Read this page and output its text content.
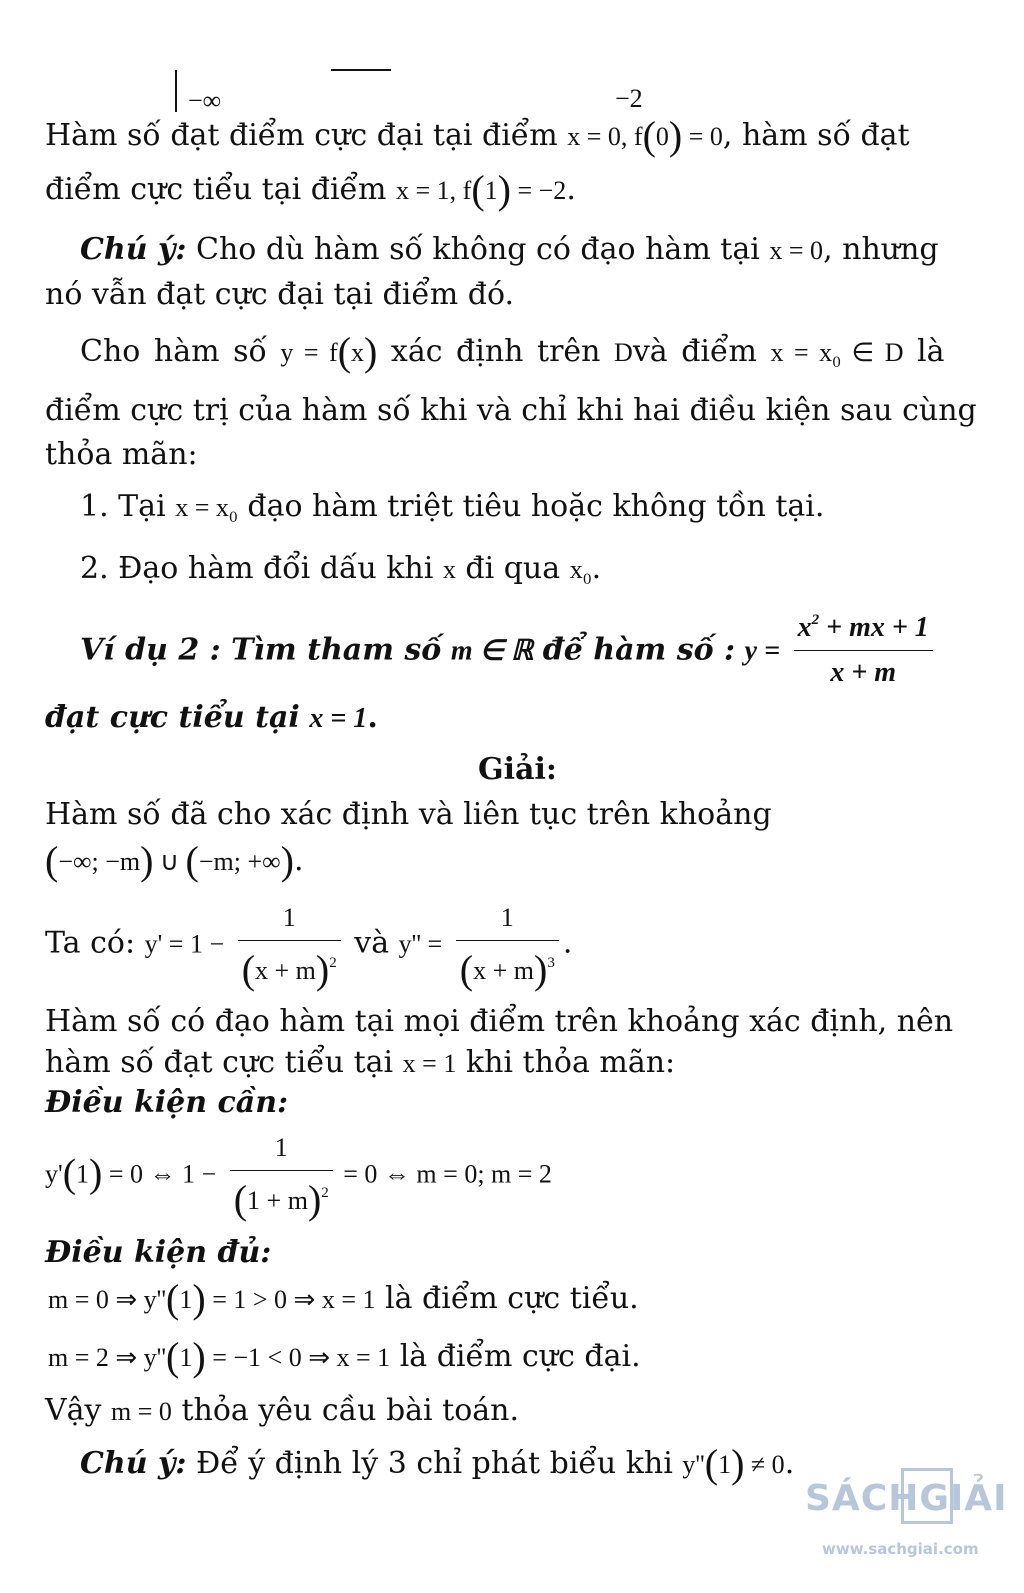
−∞	−2
Hàm số đạt điểm cực đại tại điểm x = 0, f(0) = 0, hàm số đạt
điểm cực tiểu tại điểm x = 1, f(1) = −2.
Chú ý: Cho dù hàm số không có đạo hàm tại x = 0, nhưng
nó vẫn đạt cực đại tại điểm đó.
Cho hàm số y = f(x) xác định trên Dvà điểm $x = x_0$ ∈ D là
điểm cực trị của hàm số khi và chỉ khi hai điều kiện sau cùng
thỏa mãn:
1. Tại $x = x_0$ đạo hàm triệt tiêu hoặc không tồn tại.
2. Đạo hàm đổi dấu khi x đi qua $x_0$.
Ví dụ 2 : Tìm tham số m ∈ ℝ để hàm số : $y = \frac{x^2 + mx + 1}{x + m}$
đạt cực tiểu tại x = 1.
Giải:
Hàm số đã cho xác định và liên tục trên khoảng
(−∞; −m) ∪ (−m; +∞).
Ta có: $y' = 1 - \frac{1}{(x + m)^2}$ và $y'' = \frac{1}{(x + m)^3}$ .
Hàm số có đạo hàm tại mọi điểm trên khoảng xác định, nên
hàm số đạt cực tiểu tại x = 1 khi thỏa mãn:
Điều kiện cần:
y'(1) = 0 ⇔ $1 - \frac{1}{(1 + m)^2} = 0$ ⇔ m = 0; m = 2
Điều kiện đủ:
m = 0 ⇒ y''(1) = 1 > 0 ⇒ x = 1 là điểm cực tiểu.
m = 2 ⇒ y''(1) = −1 < 0 ⇒ x = 1 là điểm cực đại.
Vậy m = 0 thỏa yêu cầu bài toán.
Chú ý: Để ý định lý 3 chỉ phát biểu khi y''(1) ≠ 0.
SÁCHGIẢI
www.sachgiai.com
